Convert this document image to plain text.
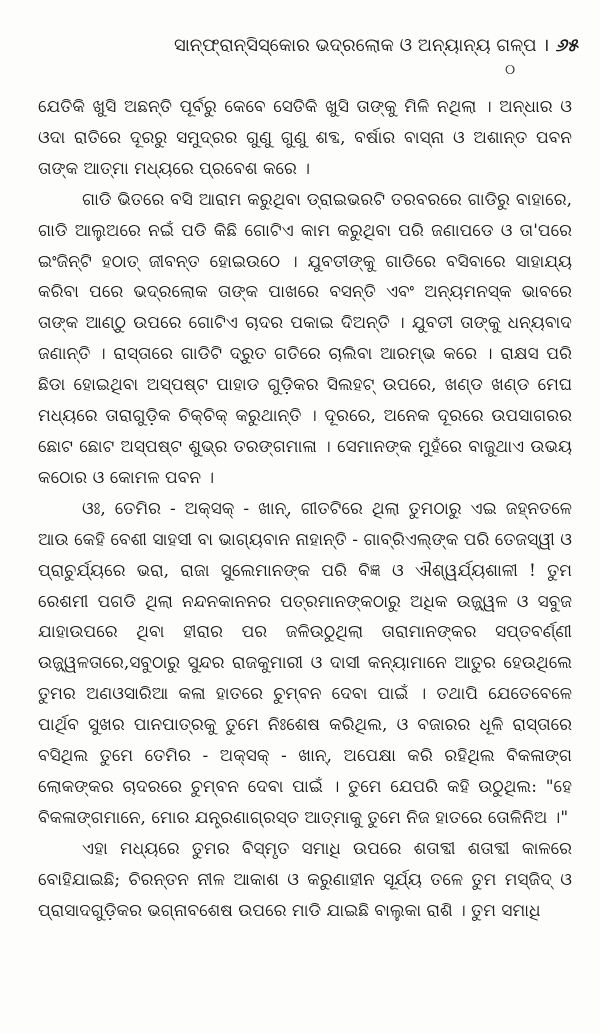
ସାନ୍‌ଫ୍ରାନ୍‌ସିସ୍କୋର ଭଦ୍ରଲୋକ ଓ ଅନ୍ୟାନ୍ୟ ଗଳ୍ପ । ୬୫
୦

ଯେତିକି ଖୁସି ଅଛନ୍ତି ପୂର୍ବରୁ କେବେ ସେତିକି ଖୁସି ତାଙ୍କୁ ମିଳି ନଥିଲା । ଅନ୍ଧାର ଓ ଓଦା ରାତିରେ ଦୂରରୁ ସମୁଦ୍ରର ଗୁଣୁ ଗୁଣୁ ଶବ୍ଦ, ବର୍ଷାର ବାସ୍ନା ଓ ଅଶାନ୍ତ ପବନ ତାଙ୍କ ଆତ୍ମା ମଧ୍ୟରେ ପ୍ରବେଶ କରେ ।

ଗାଡି ଭିତରେ ବସି ଆରାମ କରୁଥିବା ଡ୍ରାଇଭରଟି ତରବରରେ ଗାଡିରୁ ବାହାରେ, ଗାଡି ଆଲୁଅରେ ନଇଁ ପଡି କିଛି ଗୋଟିଏ କାମ କରୁଥିବା ପରି ଜଣାପଡେ ଓ ତା'ପରେ ଇଂଜିନ୍‌ଟି ହଠାତ୍ ଜୀବନ୍ତ ହୋଇଉଠେ । ଯୁବତୀଙ୍କୁ ଗାଡିରେ ବସିବାରେ ସାହାଯ୍ୟ କରିବା ପରେ ଭଦ୍ରଲୋକ ତାଙ୍କ ପାଖରେ ବସନ୍ତି ଏବଂ ଅନ୍ୟମନସ୍କ ଭାବରେ ତାଙ୍କ ଆଣ୍ଠୁ ଉପରେ ଗୋଟିଏ ଚାଦର ପକାଇ ଦିଅନ୍ତି । ଯୁବତୀ ତାଙ୍କୁ ଧନ୍ୟବାଦ ଜଣାନ୍ତି । ରାସ୍ତାରେ ଗାଡିଟି ଦ୍ରୁତ ଗତିରେ ଚାଲିବା ଆରମ୍ଭ କରେ । ରାକ୍ଷସ ପରି ଛିଡା ହୋଇଥିବା ଅସ୍ପଷ୍ଟ ପାହାଡ ଗୁଡ଼ିକର ସିଲହଟ୍ ଉପରେ, ଖଣ୍ଡ ଖଣ୍ଡ ମେଘ ମଧ୍ୟରେ ତାରାଗୁଡ଼ିକ ଚିକ୍‌ଚିକ୍ କରୁଥାନ୍ତି । ଦୂରରେ, ଅନେକ ଦୂରରେ ଉପସାଗରର ଛୋଟ ଛୋଟ ଅସ୍ପଷ୍ଟ ଶୁଭ୍ର ତରଙ୍ଗମାଳା । ସେମାନଙ୍କ ମୁହଁରେ ବାଜୁଥାଏ ଉଭୟ କଠୋର ଓ କୋମଳ ପବନ ।

ଓଃ, ତେମିର - ଅକ୍‌ସକ୍ - ଖାନ୍, ଗୀତଟିରେ ଥିଲା ତୁମଠାରୁ ଏଇ ଜହ୍ନତଳେ ଆଉ କେହି ବେଶୀ ସାହସୀ ବା ଭାଗ୍ୟବାନ ନାହାନ୍ତି - ଗାବ୍ରିଏଲ୍‌ଙ୍କ ପରି ତେଜସ୍ୱୀ ଓ ପ୍ରାଚୁର୍ଯ୍ୟରେ ଭରା, ରାଜା ସୁଲେମାନଙ୍କ ପରି ବିଜ୍ଞ ଓ ଐଶ୍ୱର୍ଯ୍ୟଶାଳୀ ! ତୁମ ରେଶମୀ ପଗଡି ଥିଲା ନନ୍ଦନକାନନର ପତ୍ରମାନଙ୍କଠାରୁ ଅଧିକ ଉଜ୍ଜ୍ୱଳ ଓ ସବୁଜ ଯାହାଉପରେ ଥିବା ହୀରାର ପର ଜଳିଉଠୁଥିଲା ତାରାମାନଙ୍କର ସପ୍ତବର୍ଣ୍ଣୀ ଉଜ୍ଜ୍ୱଳତାରେ,ସବୁଠାରୁ ସୁନ୍ଦର ରାଜକୁମାରୀ ଓ ଦାସୀ କନ୍ୟାମାନେ ଆତୁର ହେଉଥିଲେ ତୁମର ଅଣଓସାରିଆ କଳା ହାତରେ ଚୁମ୍ବନ ଦେବା ପାଇଁ । ତଥାପି ଯେତେବେଳେ ପାର୍ଥିବ ସୁଖର ପାନପାତ୍ରକୁ ତୁମେ ନିଃଶେଷ କରିଥିଲ, ଓ ବଜାରର ଧୂଳି ରାସ୍ତାରେ ବସିଥିଲ ତୁମେ ତେମିର - ଅକ୍‌ସକ୍ - ଖାନ୍, ଅପେକ୍ଷା କରି ରହିଥିଲ ବିକଳାଙ୍ଗ ଲୋକଙ୍କର ଚାଦରରେ ଚୁମ୍ବନ ଦେବା ପାଇଁ । ତୁମେ ଯେପରି କହି ଉଠୁଥିଲ: "ହେ ବିକଳାଙ୍ଗମାନେ, ମୋର ଯନ୍ତ୍ରଣାଗ୍ରସ୍ତ ଆତ୍ମାକୁ ତୁମେ ନିଜ ହାତରେ ତୋଳିନିଅ ।"

ଏହା ମଧ୍ୟରେ ତୁମର ବିସ୍ମୃତ ସମାଧି ଉପରେ ଶତାବ୍ଦୀ ଶତାବ୍ଦୀ କାଳରେ ବୋହିଯାଇଛି; ଚିରନ୍ତନ ନୀଳ ଆକାଶ ଓ କରୁଣାହୀନ ସୂର୍ଯ୍ୟ ତଳେ ତୁମ ମସ୍‌ଜିଦ୍ ଓ ପ୍ରାସାଦଗୁଡ଼ିକର ଭଗ୍ନାବଶେଷ ଉପରେ ମାଡି ଯାଇଛି ବାଲୁକା ରାଶି । ତୁମ ସମାଧି
